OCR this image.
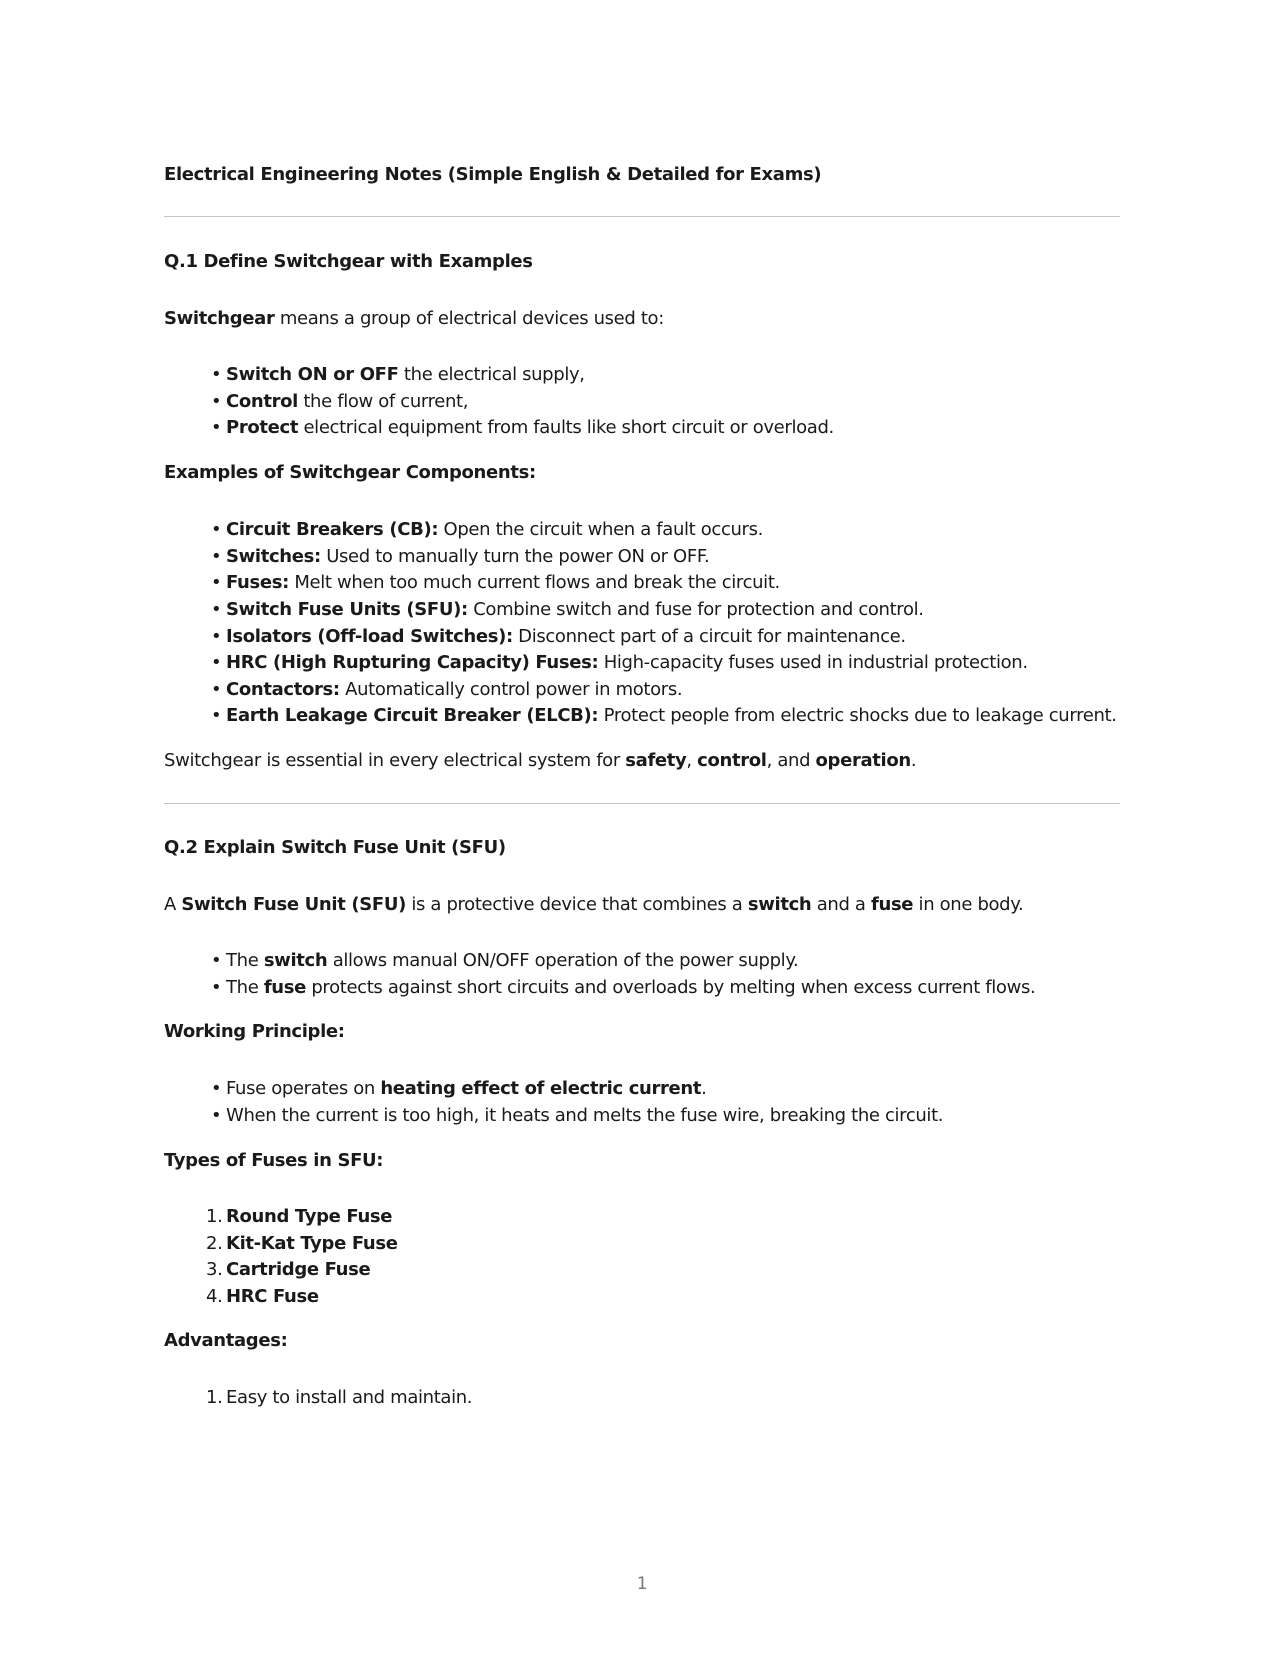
Electrical Engineering Notes (Simple English & Detailed for Exams)
Q.1 Define Switchgear with Examples
Switchgear means a group of electrical devices used to:
• Switch ON or OFF the electrical supply,
• Control the flow of current,
• Protect electrical equipment from faults like short circuit or overload.
Examples of Switchgear Components:
• Circuit Breakers (CB): Open the circuit when a fault occurs.
• Switches: Used to manually turn the power ON or OFF.
• Fuses: Melt when too much current flows and break the circuit.
• Switch Fuse Units (SFU): Combine switch and fuse for protection and control.
• Isolators (Off-load Switches): Disconnect part of a circuit for maintenance.
• HRC (High Rupturing Capacity) Fuses: High-capacity fuses used in industrial protection.
• Contactors: Automatically control power in motors.
• Earth Leakage Circuit Breaker (ELCB): Protect people from electric shocks due to leakage current.
Switchgear is essential in every electrical system for safety, control, and operation.
Q.2 Explain Switch Fuse Unit (SFU)
A Switch Fuse Unit (SFU) is a protective device that combines a switch and a fuse in one body.
• The switch allows manual ON/OFF operation of the power supply.
• The fuse protects against short circuits and overloads by melting when excess current flows.
Working Principle:
• Fuse operates on heating effect of electric current.
• When the current is too high, it heats and melts the fuse wire, breaking the circuit.
Types of Fuses in SFU:
1. Round Type Fuse
2. Kit-Kat Type Fuse
3. Cartridge Fuse
4. HRC Fuse
Advantages:
1. Easy to install and maintain.
1
